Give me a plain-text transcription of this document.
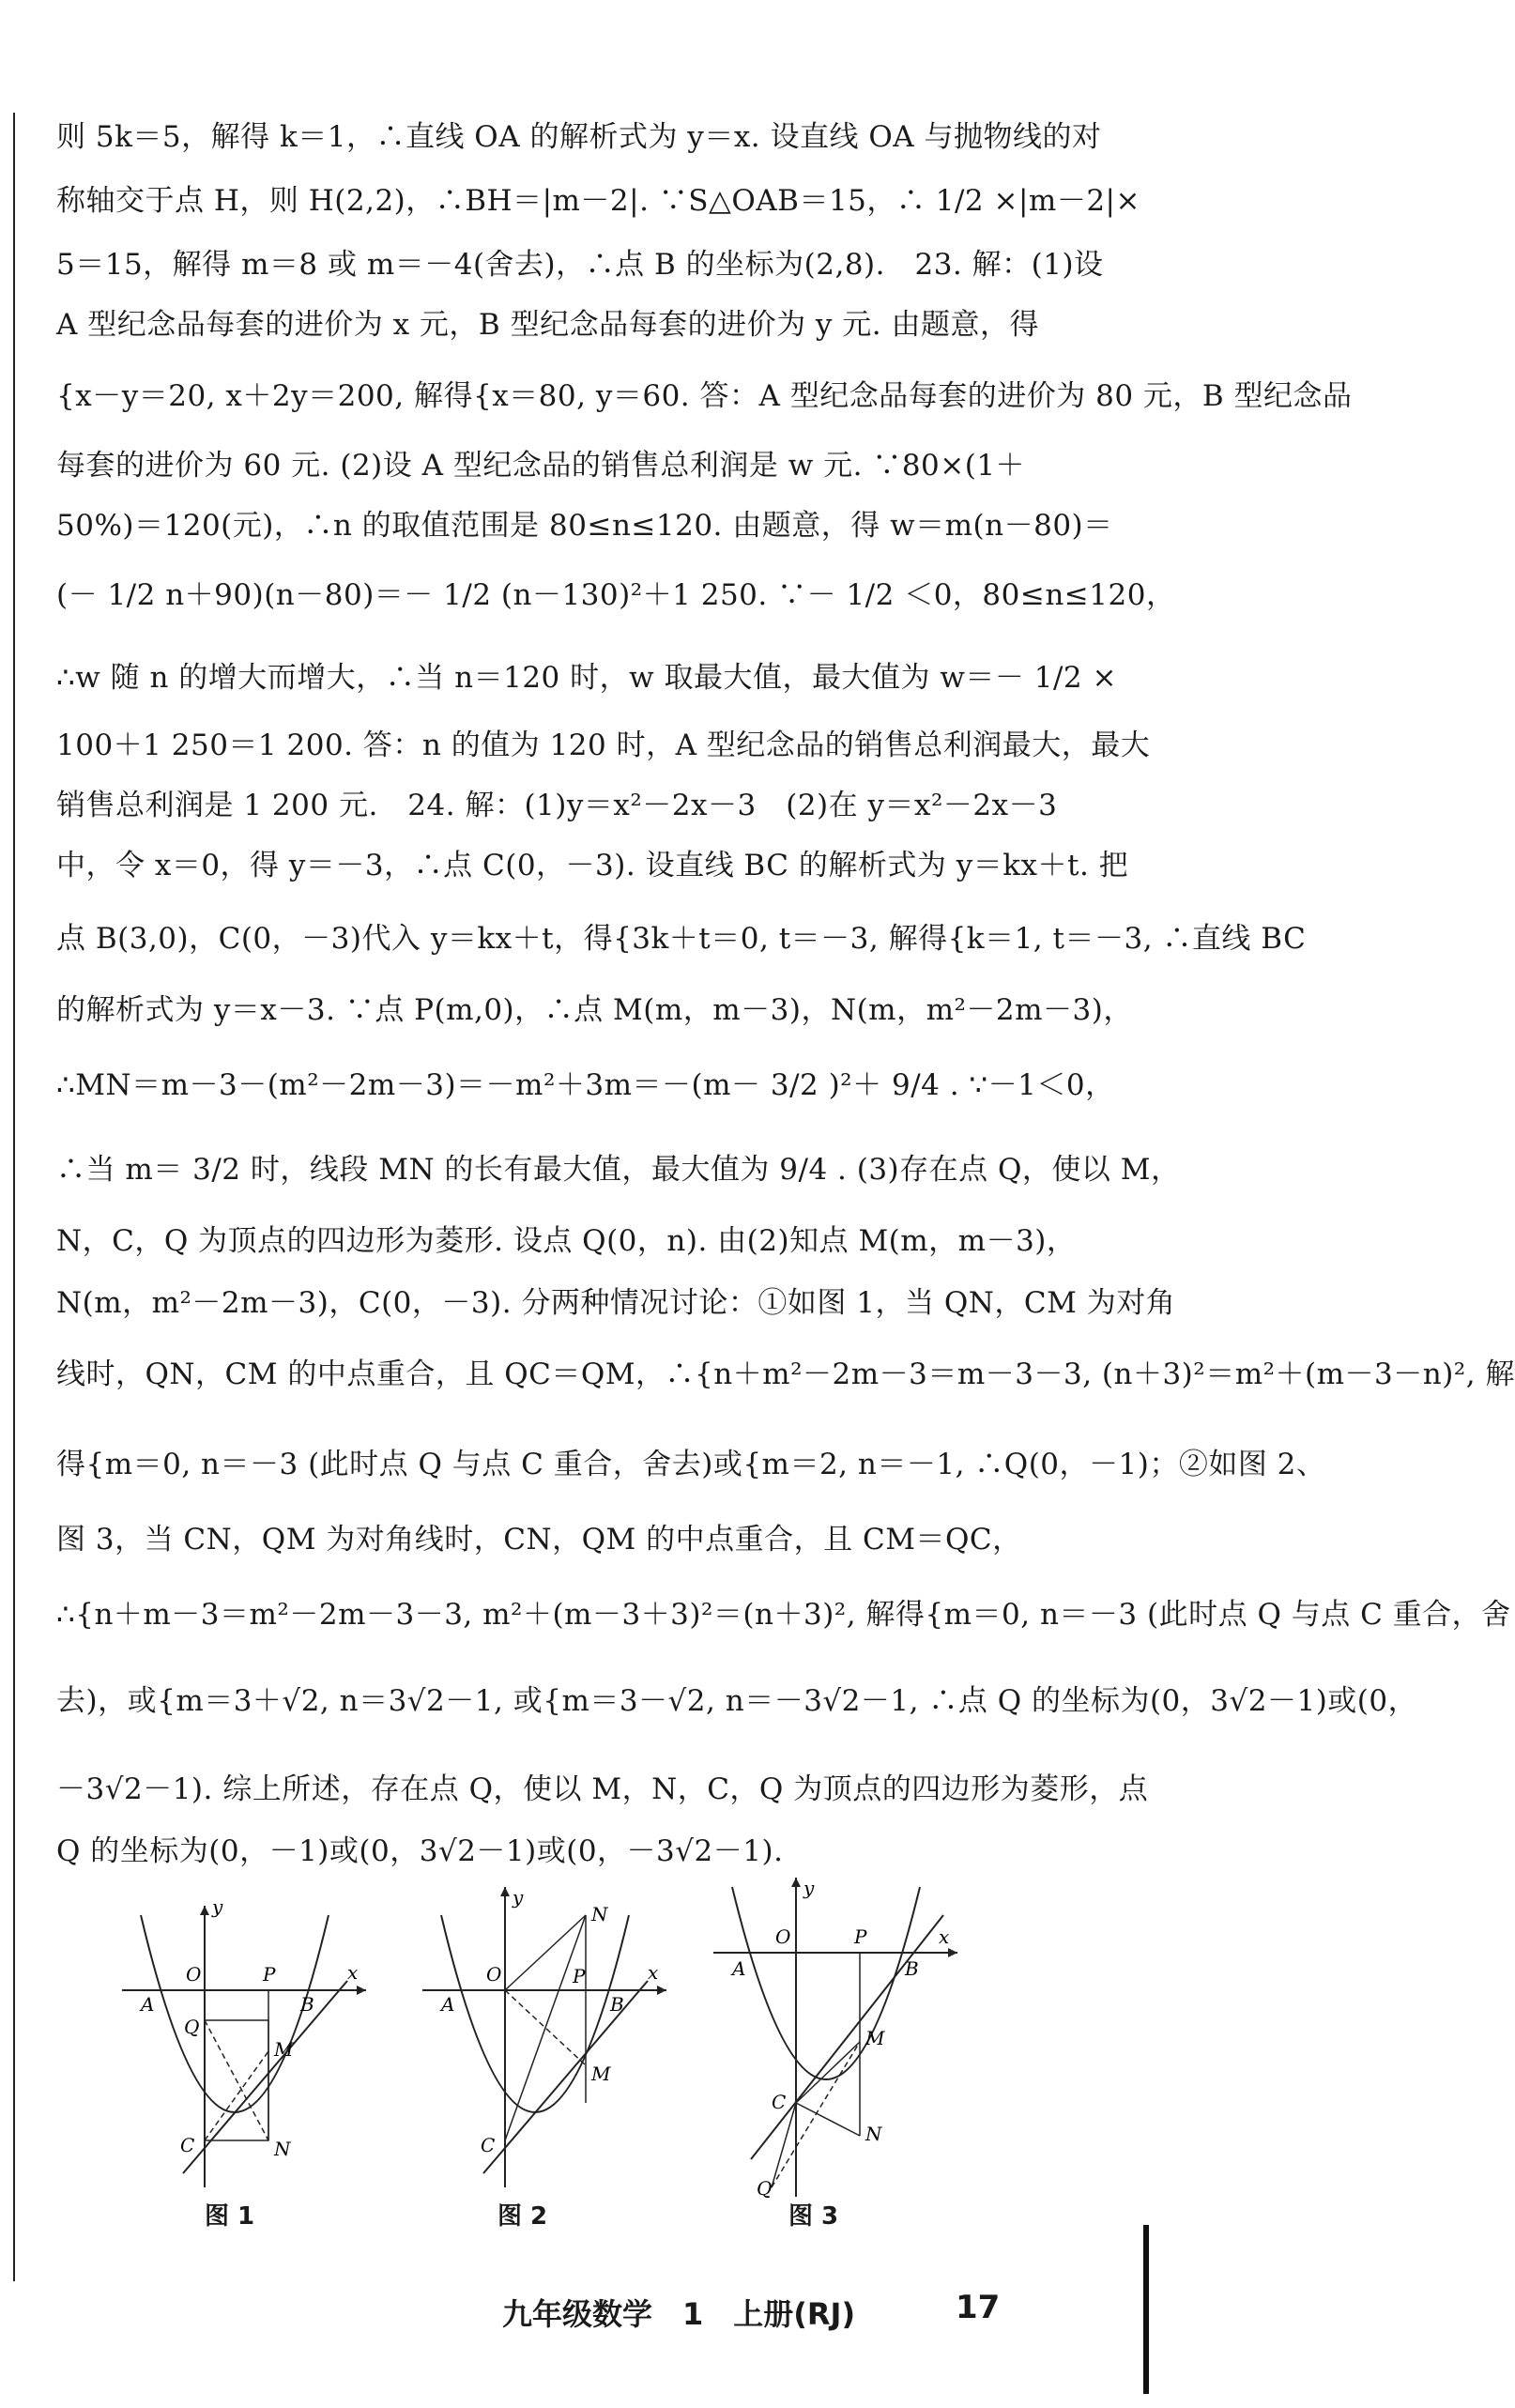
则 5k＝5，解得 k＝1，∴直线 OA 的解析式为 y＝x. 设直线 OA 与抛物线的对
称轴交于点 H，则 H(2,2)，∴BH＝|m－2|. ∵S△OAB＝15，∴ 1/2 ×|m－2|×
5＝15，解得 m＝8 或 m＝－4(舍去)，∴点 B 的坐标为(2,8).　23. 解：(1)设
A 型纪念品每套的进价为 x 元，B 型纪念品每套的进价为 y 元. 由题意，得
{x－y＝20, x＋2y＝200, 解得{x＝80, y＝60. 答：A 型纪念品每套的进价为 80 元，B 型纪念品
每套的进价为 60 元. (2)设 A 型纪念品的销售总利润是 w 元. ∵80×(1＋
50%)＝120(元)，∴n 的取值范围是 80≤n≤120. 由题意，得 w＝m(n－80)＝
(－ 1/2 n＋90)(n－80)＝－ 1/2 (n－130)²＋1 250. ∵－ 1/2 ＜0，80≤n≤120，
∴w 随 n 的增大而增大，∴当 n＝120 时，w 取最大值，最大值为 w＝－ 1/2 ×
100＋1 250＝1 200. 答：n 的值为 120 时，A 型纪念品的销售总利润最大，最大
销售总利润是 1 200 元.　24. 解：(1)y＝x²－2x－3　(2)在 y＝x²－2x－3
中，令 x＝0，得 y＝－3，∴点 C(0，－3). 设直线 BC 的解析式为 y＝kx＋t. 把
点 B(3,0)，C(0，－3)代入 y＝kx＋t，得{3k＋t＝0, t＝－3, 解得{k＝1, t＝－3, ∴直线 BC
的解析式为 y＝x－3. ∵点 P(m,0)，∴点 M(m，m－3)，N(m，m²－2m－3)，
∴MN＝m－3－(m²－2m－3)＝－m²＋3m＝－(m－ 3/2 )²＋ 9/4 . ∵－1＜0，
∴当 m＝ 3/2 时，线段 MN 的长有最大值，最大值为 9/4 . (3)存在点 Q，使以 M，
N，C，Q 为顶点的四边形为菱形. 设点 Q(0，n). 由(2)知点 M(m，m－3)，
N(m，m²－2m－3)，C(0，－3). 分两种情况讨论：①如图 1，当 QN，CM 为对角
线时，QN，CM 的中点重合，且 QC＝QM，∴{n＋m²－2m－3＝m－3－3, (n＋3)²＝m²＋(m－3－n)², 解
得{m＝0, n＝－3 (此时点 Q 与点 C 重合，舍去)或{m＝2, n＝－1, ∴Q(0，－1)；②如图 2、
图 3，当 CN，QM 为对角线时，CN，QM 的中点重合，且 CM＝QC，
∴{n＋m－3＝m²－2m－3－3, m²＋(m－3＋3)²＝(n＋3)², 解得{m＝0, n＝－3 (此时点 Q 与点 C 重合，舍
去)，或{m＝3＋√2, n＝3√2－1, 或{m＝3－√2, n＝－3√2－1, ∴点 Q 的坐标为(0，3√2－1)或(0，
－3√2－1). 综上所述，存在点 Q，使以 M，N，C，Q 为顶点的四边形为菱形，点
Q 的坐标为(0，－1)或(0，3√2－1)或(0，－3√2－1).
y
x
O	P
A	B
Q
M
C	N
y
x
O	P
A	B
N
M
C
y
x
O	P
A	B
M
C
N
Q
图 1	图 2	图 3
九年级数学　1　上册(RJ)	17
